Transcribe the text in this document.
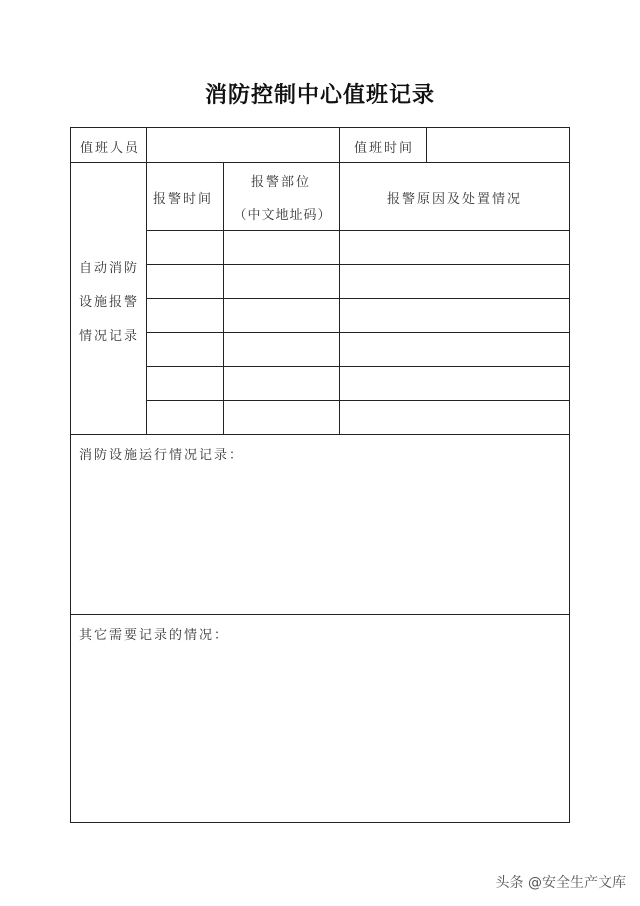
消防控制中心值班记录
值班人员	值班时间
报警时间
报警部位
（中文地址码）
报警原因及处置情况
自动消防
设施报警
情况记录
消防设施运行情况记录：
其它需要记录的情况：
头条 @安全生产文库
